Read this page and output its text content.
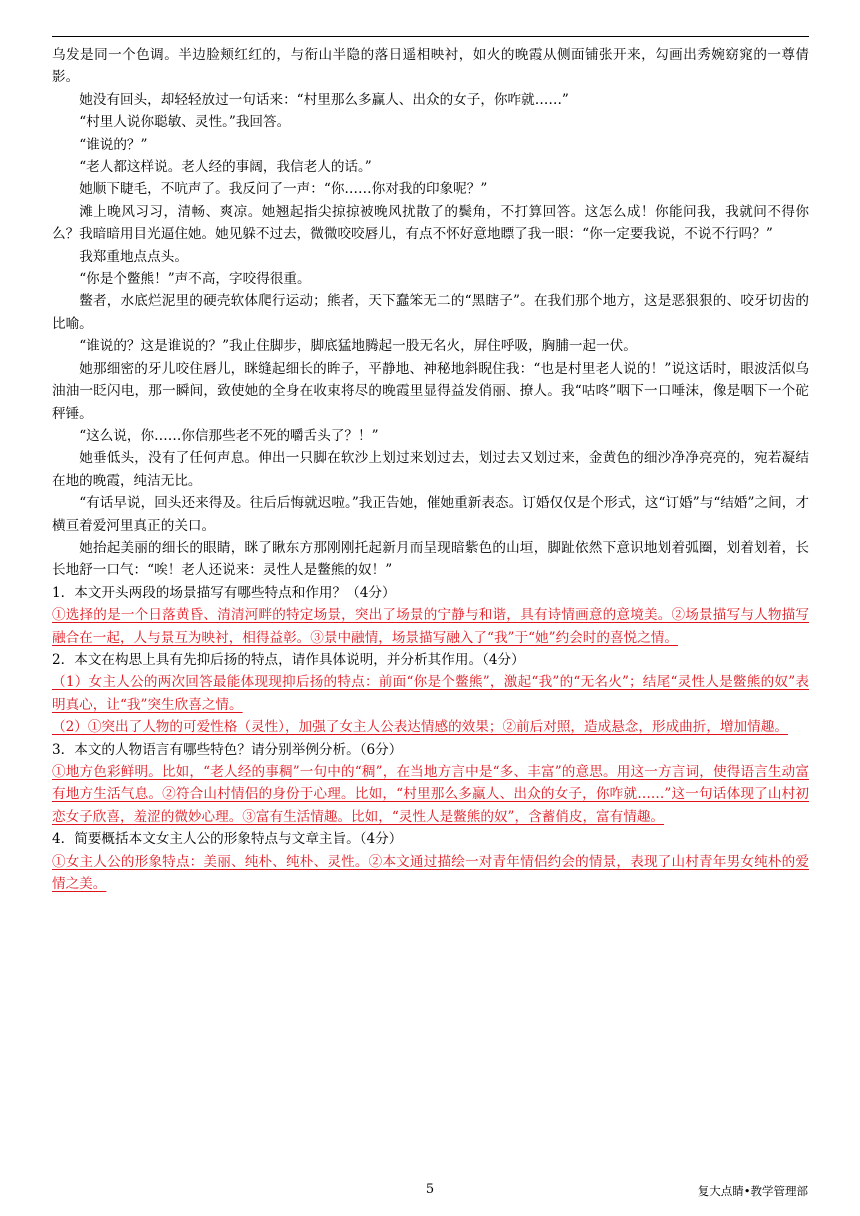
乌发是同一个色调。半边脸颊红红的，与衔山半隐的落日遥相映衬，如火的晚霞从侧面铺张开来，勾画出秀婉窈窕的一尊倩影。

她没有回头，却轻轻放过一句话来：“村里那么多赢人、出众的女子，你咋就……”

“村里人说你聪敏、灵性。”我回答。

“谁说的？”

“老人都这样说。老人经的事阔，我信老人的话。”

她顺下睫毛，不吭声了。我反问了一声：“你……你对我的印象呢？”

滩上晚风习习，清畅、爽凉。她翘起指尖掠掠被晚风扰散了的鬓角，不打算回答。这怎么成！你能问我，我就问不得你么？我暗暗用目光逼住她。她见躲不过去，微微咬咬唇儿，有点不怀好意地瞟了我一眼：“你一定要我说，不说不行吗？”

我郑重地点点头。

“你是个鳖熊！”声不高，字咬得很重。

鳖者，水底烂泥里的硬壳软体爬行运动；熊者，天下蠢笨无二的“黑瞎子”。在我们那个地方，这是恶狠狠的、咬牙切齿的比喻。

“谁说的？这是谁说的？”我止住脚步，脚底猛地腾起一股无名火，屏住呼吸，胸脯一起一伏。

她那细密的牙儿咬住唇儿，眯缝起细长的眸子，平静地、神秘地斜睨住我：“也是村里老人说的！”说这话时，眼波活似乌油油一眨闪电，那一瞬间，致使她的全身在收束将尽的晚霞里显得益发俏丽、撩人。我“咕咚”咽下一口唾沫，像是咽下一个砣秤锤。

“这么说，你……你信那些老不死的嚼舌头了？！”

她垂低头，没有了任何声息。伸出一只脚在软沙上划过来划过去，划过去又划过来，金黄色的细沙净净亮亮的，宛若凝结在地的晚霞，纯洁无比。

“有话早说，回头还来得及。往后后悔就迟啦。”我正告她，催她重新表态。订婚仅仅是个形式，这“订婚”与“结婚”之间，才横亘着爱河里真正的关口。

她抬起美丽的细长的眼睛，眯了瞅东方那刚刚托起新月而呈现暗紫色的山垣，脚趾依然下意识地划着弧圈，划着划着，长长地舒一口气：“唉！老人还说来：灵性人是鳖熊的奴！”

1．本文开头两段的场景描写有哪些特点和作用？（4分）

①选择的是一个日落黄昏、清清河畔的特定场景，突出了场景的宁静与和谐，具有诗情画意的意境美。②场景描写与人物描写融合在一起，人与景互为映衬，相得益彰。③景中融情，场景描写融入了“我”于“她”约会时的喜悦之情。

2．本文在构思上具有先抑后扬的特点，请作具体说明，并分析其作用。（4分）

（1）女主人公的两次回答最能体现现抑后扬的特点：前面“你是个鳖熊”，激起“我”的“无名火”；结尾“灵性人是鳖熊的奴”表明真心，让“我”突生欣喜之情。

（2）①突出了人物的可爱性格（灵性），加强了女主人公表达情感的效果；②前后对照，造成悬念，形成曲折，增加情趣。

3．本文的人物语言有哪些特色？请分别举例分析。（6分）

①地方色彩鲜明。比如，“老人经的事稠”一句中的“稠”，在当地方言中是“多、丰富”的意思。用这一方言词，使得语言生动富有地方生活气息。②符合山村情侣的身份于心理。比如，“村里那么多赢人、出众的女子，你咋就……”这一句话体现了山村初恋女子欣喜，羞涩的微妙心理。③富有生活情趣。比如，“灵性人是鳖熊的奴”，含蓄俏皮，富有情趣。

4．简要概括本文女主人公的形象特点与文章主旨。（4分）

①女主人公的形象特点：美丽、纯朴、纯朴、灵性。②本文通过描绘一对青年情侣约会的情景，表现了山村青年男女纯朴的爱情之美。

5	复大点睛•教学管理部
